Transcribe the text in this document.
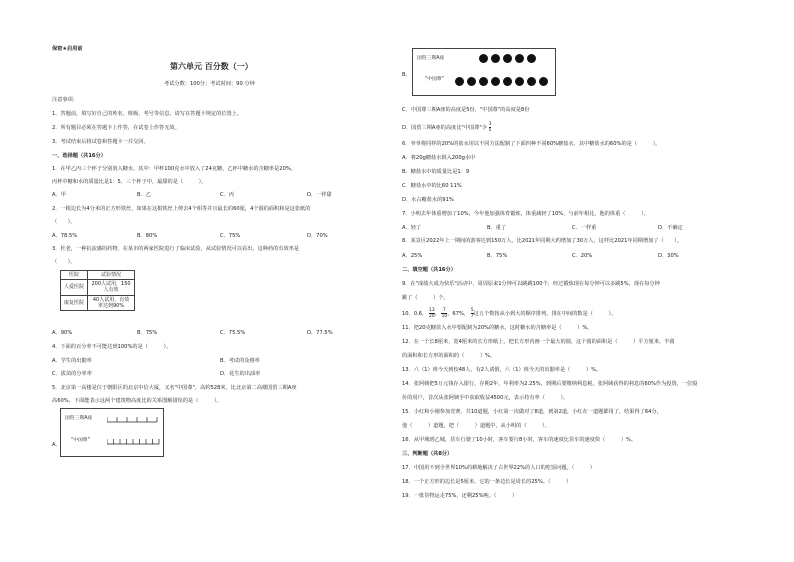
保密★启用前
第六单元 百分数（一）
考试分数：100分；考试时间：90 分钟
注意事项：
1．答题前，填写好自己的姓名、班级、考号等信息，请写在答题卡规定的位置上。
2．所有题目必须在答题卡上作答，在试卷上作答无效。
3．考试结束后将试卷和答题卡一并交回。
一、选择题（共16分）
1．在甲乙丙三个杯子分别放入糖水，其中：甲杯100克水中放入了24克糖，乙杯中糖水的含糖率是20%，
丙杯中糖和水的质量比是1：5，三个杯子中，最甜的是（　　　）。
A．甲	B．乙	C．丙	D．一样甜
2．一根边长为4分米的正方形铁丝，如果在这根铁丝上剪去4个相等并且最长的60厘，4个圆的面积和是这张纸的
（　　）。
A．78.5%	B．80%	C．75%	D．70%
3．杜老，一种抗流感的药物，在某市的两家医院进行了临床试验，从试验情况可以看出，这种药的有效率是
（　　）。
医院	试验情况
人爱医院	200人试用，150人有效
康复医院	40人试用，有效率达到90%
A．90%	B．75%	C．75.5%	D．77.5%
4．下面的百分率不可能达到100%的是（　　　）。
A．学生的出勤率	B．考试的及格率
C．拔苗的分率率	D．花生的出油率
5．北京第一高楼是位于朝阳区的北京中信大厦，又名"中国尊"，高约528米，比北京第二高楼国贸三期A座
高60%，下面能表示这两个建筑物高度比的关系图解错误的是（　　　）。
A．
国贸三期A座
"中国尊"
B．
国贸三期A座
"中国尊"
C．中国尊三期A座的高度是5份，"中国尊"的高度是8份
D．国贸三期A座的高度比"中国尊"少 $\frac{3}{5}$
6．爷爷将同样的20%的盐水用以不同方法配制了下面四种不同60%糖盐水，其中糖盐水的60%的是（　　　）。
A．将20g糖盐水倒入200g水中
B．糖盐水中的质量比是1：9
C．糖盐水中的比60 11%
D．水占糖盐水的91%
7．小明去年体重增加了10%，今年他加强体育锻炼，体重减轻了10%，与前年相比，他的体重（　　　）。
A．轻了	B．重了	C．一样重	D．不确定
8．某景区2022年上一期间的游客达到150万人，比2021年同期大约增加了30万人，这样比2021年同期增加了（　　）。
A．25%	B．75%	C．20%	D．30%
二、填空题（共16分）
9．在"成绩大成为快乐"活动中，周周原来1分钟可以跳跳100个，经过锻炼现在每分钟可以多跳5%，现在每分钟
跳了（　　　）个。
10．0.6， $\frac{13}{20}$ ， $\frac{7}{10}$ ，67%， $\frac{5}{7}$ 这五个数按从小到大的顺序排列，排在中间的数是（　　　）。
11．把20克糖放入水中要配制为20%的糖水，这时糖水的含糖率是（　　　）%。
12．在一个长8厘米，宽4厘米的长方形纸上，把长方形内画一个最大的圆，这个圆的面积是（　　　）平方厘米，半圆
的面积和长方形的面积的（　　　）%。
13．六（1）班今天到校48人，有2人请假，六（1）班今天的出勤率是（　　　）%。
14．张阿姨把5万元钱存入银行，存期2年，年利率为2.25%，到期后要缴纳利息税，张阿姨获得的利息的60%作为投资，一位股
价的用户，首次从张阿姨手中获取收益4500元，表示持有率（　　　）。
15．小红和小刚参加竞赛，共10道题，小红第一次做对了8道，到第2道，小红在一道题都用了，结果得了64分，
他（　　　）道题，把（　　　）道题中，从小明的（　　　）。
16．从甲城到乙城，货车行驶了10小时，客车要行8小时，客车的速度比货车的速度快（　　　）%。
三、判断题（共8分）
17．中国用不到全世界10%的耕地解决了占世界22%的人口的吃饭问题。（　　　）
18．一个正方形的边长是5厘米，它的一条边长是周长的25%。（　　　）
19．一批货物运走75%，还剩25%吨。（　　　）
